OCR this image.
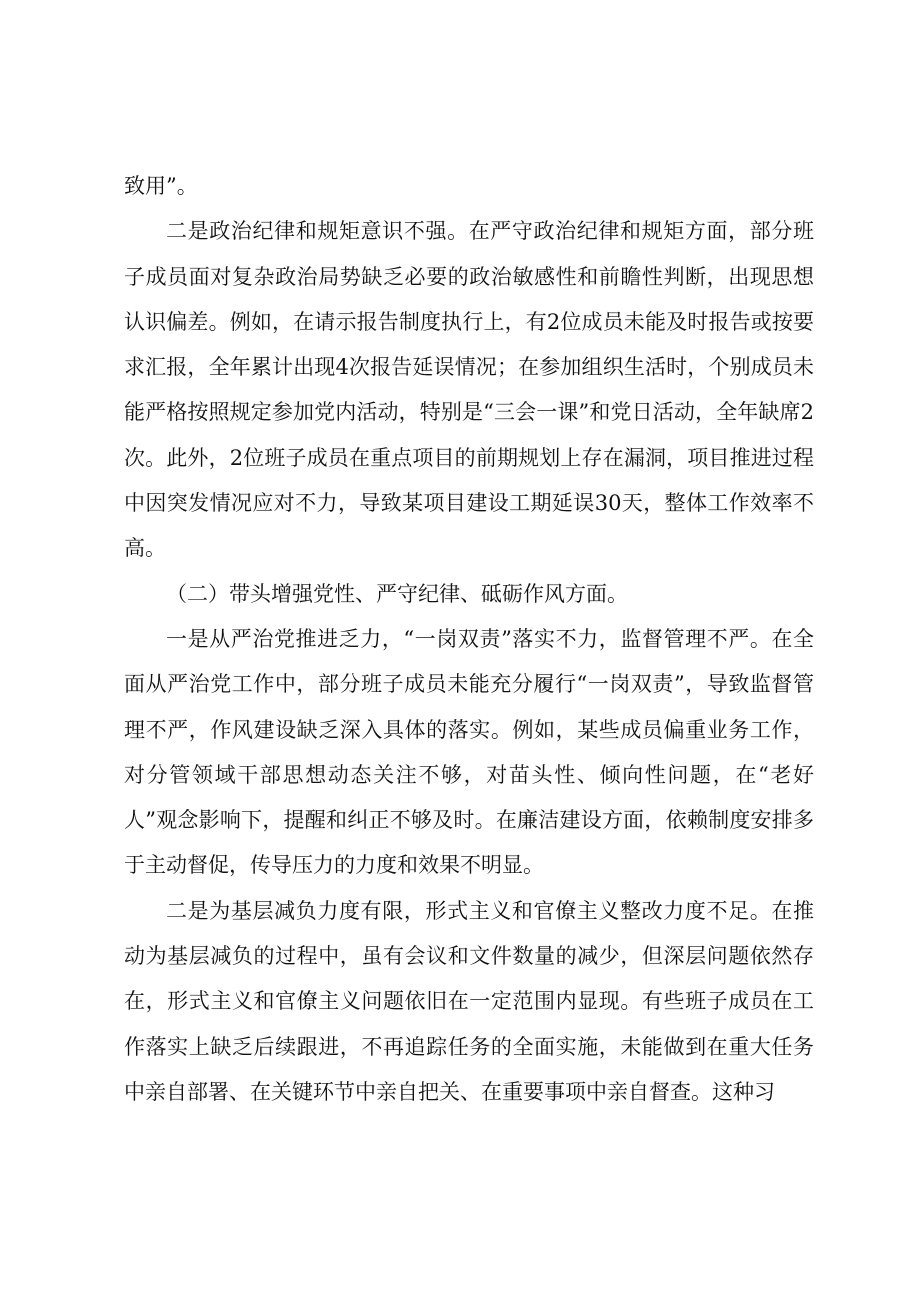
致用”。

二是政治纪律和规矩意识不强。在严守政治纪律和规矩方面，部分班子成员面对复杂政治局势缺乏必要的政治敏感性和前瞻性判断，出现思想认识偏差。例如，在请示报告制度执行上，有2位成员未能及时报告或按要求汇报，全年累计出现4次报告延误情况；在参加组织生活时，个别成员未能严格按照规定参加党内活动，特别是“三会一课”和党日活动，全年缺席2次。此外，2位班子成员在重点项目的前期规划上存在漏洞，项目推进过程中因突发情况应对不力，导致某项目建设工期延误30天，整体工作效率不高。

（二）带头增强党性、严守纪律、砥砺作风方面。

一是从严治党推进乏力，“一岗双责”落实不力，监督管理不严。在全面从严治党工作中，部分班子成员未能充分履行“一岗双责”，导致监督管理不严，作风建设缺乏深入具体的落实。例如，某些成员偏重业务工作，对分管领域干部思想动态关注不够，对苗头性、倾向性问题，在“老好人”观念影响下，提醒和纠正不够及时。在廉洁建设方面，依赖制度安排多于主动督促，传导压力的力度和效果不明显。

二是为基层减负力度有限，形式主义和官僚主义整改力度不足。在推动为基层减负的过程中，虽有会议和文件数量的减少，但深层问题依然存在，形式主义和官僚主义问题依旧在一定范围内显现。有些班子成员在工作落实上缺乏后续跟进，不再追踪任务的全面实施，未能做到在重大任务中亲自部署、在关键环节中亲自把关、在重要事项中亲自督查。这种习
